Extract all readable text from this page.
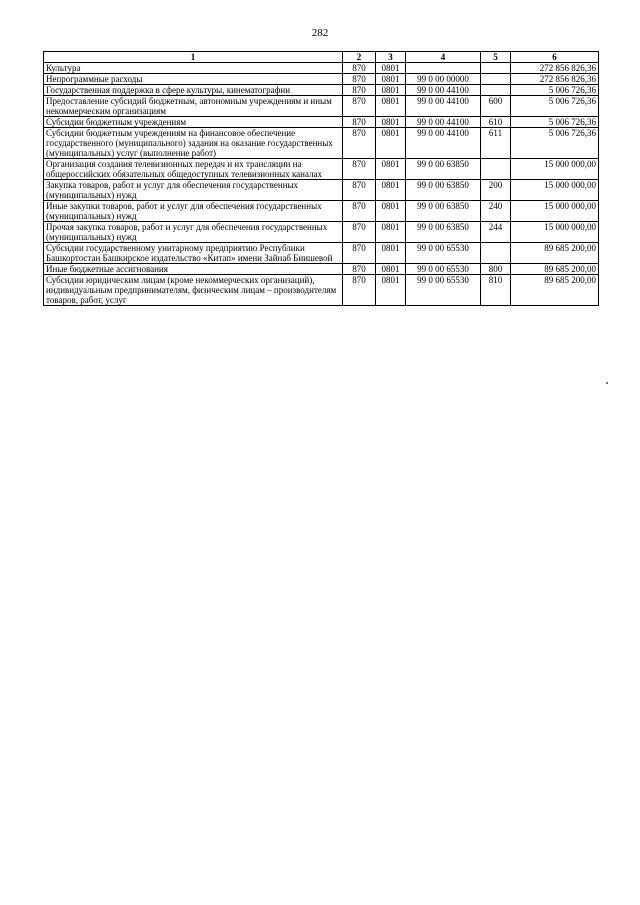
282
1	2	3	4	5	6
Культура	870	0801			272 856 826,36
Непрограммные расходы	870	0801	99 0 00 00000		272 856 826,36
Государственная поддержка в сфере культуры, кинематографии	870	0801	99 0 00 44100		5 006 726,36
Предоставление субсидий бюджетным, автономным учреждениям и иным некоммерческим организациям	870	0801	99 0 00 44100	600	5 006 726,36
Субсидии бюджетным учреждениям	870	0801	99 0 00 44100	610	5 006 726,36
Субсидии бюджетным учреждениям на финансовое обеспечение государственного (муниципального) задания на оказание государственных (муниципальных) услуг (выполнение работ)	870	0801	99 0 00 44100	611	5 006 726,36
Организация создания телевизионных передач и их трансляции на общероссийских обязательных общедоступных телевизионных каналах	870	0801	99 0 00 63850		15 000 000,00
Закупка товаров, работ и услуг для обеспечения государственных (муниципальных) нужд	870	0801	99 0 00 63850	200	15 000 000,00
Иные закупки товаров, работ и услуг для обеспечения государственных (муниципальных) нужд	870	0801	99 0 00 63850	240	15 000 000,00
Прочая закупка товаров, работ и услуг для обеспечения государственных (муниципальных) нужд	870	0801	99 0 00 63850	244	15 000 000,00
Субсидии государственному унитарному предприятию Республики Башкортостан Башкирское издательство «Китап» имени Зайнаб Биишевой	870	0801	99 0 00 65530		89 685 200,00
Иные бюджетные ассигнования	870	0801	99 0 00 65530	800	89 685 200,00
Субсидии юридическим лицам (кроме некоммерческих организаций), индивидуальным предпринимателям, физическим лицам – производителям товаров, работ, услуг	870	0801	99 0 00 65530	810	89 685 200,00
